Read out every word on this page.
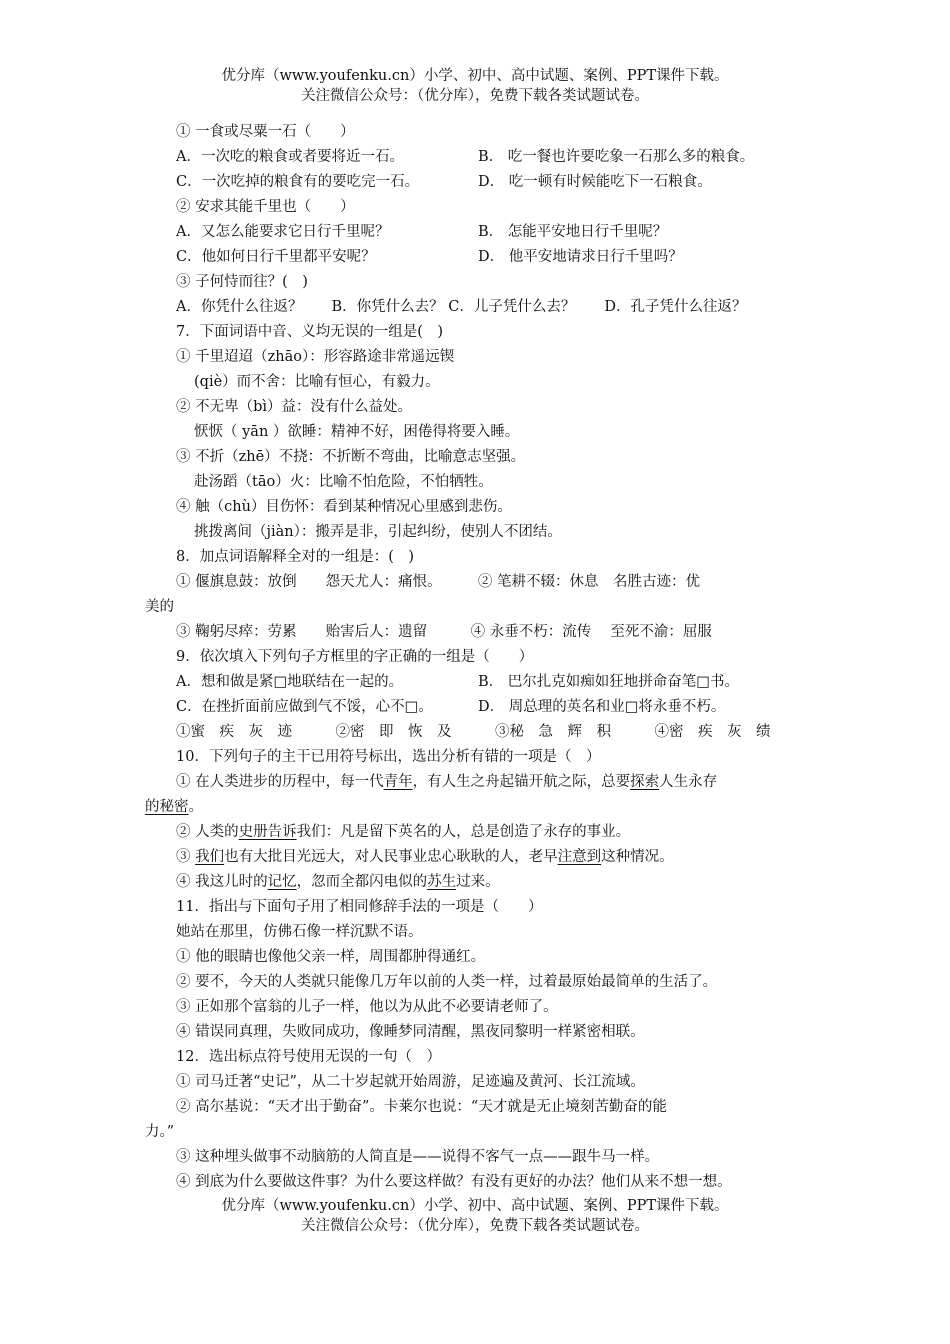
优分库（www.youfenku.cn）小学、初中、高中试题、案例、PPT课件下载。
关注微信公众号：（优分库），免费下载各类试题试卷。
① 一食或尽粟一石（　　）
A．一次吃的粮食或者要将近一石。	B． 吃一餐也许要吃象一石那么多的粮食。
C．一次吃掉的粮食有的要吃完一石。	D． 吃一顿有时候能吃下一石粮食。
② 安求其能千里也（　　）
A．又怎么能要求它日行千里呢？	B． 怎能平安地日行千里呢？
C．他如何日行千里都平安呢？	D． 他平安地请求日行千里吗？
③ 子何恃而往？(　)
A．你凭什么往返？　　B．你凭什么去？ C．儿子凭什么去？　　D．孔子凭什么往返？
7．下面词语中音、义均无误的一组是(　)
① 千里迢迢（zhāo）：形容路途非常遥远锲
(qiè）而不舍：比喻有恒心，有毅力。
② 不无卑（bì）益：没有什么益处。
恹恹（ yān ）欲睡：精神不好，困倦得将要入睡。
③ 不折（zhē）不挠：不折断不弯曲，比喻意志坚强。
赴汤蹈（tāo）火：比喻不怕危险，不怕牺牲。
④ 触（chù）目伤怀：看到某种情况心里感到悲伤。
挑拨离间（jiàn）：搬弄是非，引起纠纷，使别人不团结。
8．加点词语解释全对的一组是：(　)
① 偃旗息鼓：放倒　　怨天尤人：痛恨。　　　② 笔耕不辍：休息　名胜古迹：优
美的
③ 鞠躬尽瘁：劳累　　贻害后人：遗留　　　④ 永垂不朽：流传　 至死不渝：屈服
9．依次填入下列句子方框里的字正确的一组是（　　）
A．想和做是紧□地联结在一起的。	B． 巴尔扎克如痴如狂地拼命奋笔□书。
C．在挫折面前应做到气不馁，心不□。	D． 周总理的英名和业□将永垂不朽。
①蜜　疾　灰　迹　　　②密　即　恢　及　　　③秘　急　辉　积　　　④密　疾　灰　绩
10．下列句子的主干已用符号标出，选出分析有错的一项是（　）
① 在人类进步的历程中，每一代青年，有人生之舟起锚开航之际，总要探索人生永存
的秘密。
② 人类的史册告诉我们：凡是留下英名的人，总是创造了永存的事业。
③ 我们也有大批目光远大，对人民事业忠心耿耿的人，老早注意到这种情况。
④ 我这儿时的记忆，忽而全都闪电似的苏生过来。
11．指出与下面句子用了相同修辞手法的一项是（　　）
她站在那里，仿佛石像一样沉默不语。
① 他的眼睛也像他父亲一样，周围都肿得通红。
② 要不，今天的人类就只能像几万年以前的人类一样，过着最原始最简单的生活了。
③ 正如那个富翁的儿子一样，他以为从此不必要请老师了。
④ 错误同真理，失败同成功，像睡梦同清醒，黑夜同黎明一样紧密相联。
12．选出标点符号使用无误的一句（　）
① 司马迁著“史记”，从二十岁起就开始周游，足迹遍及黄河、长江流域。
② 高尔基说：“天才出于勤奋”。卡莱尔也说：“天才就是无止境刻苦勤奋的能
力。”
③ 这种埋头做事不动脑筋的人简直是——说得不客气一点——跟牛马一样。
④ 到底为什么要做这件事？为什么要这样做？有没有更好的办法？他们从来不想一想。
优分库（www.youfenku.cn）小学、初中、高中试题、案例、PPT课件下载。
关注微信公众号：（优分库），免费下载各类试题试卷。
